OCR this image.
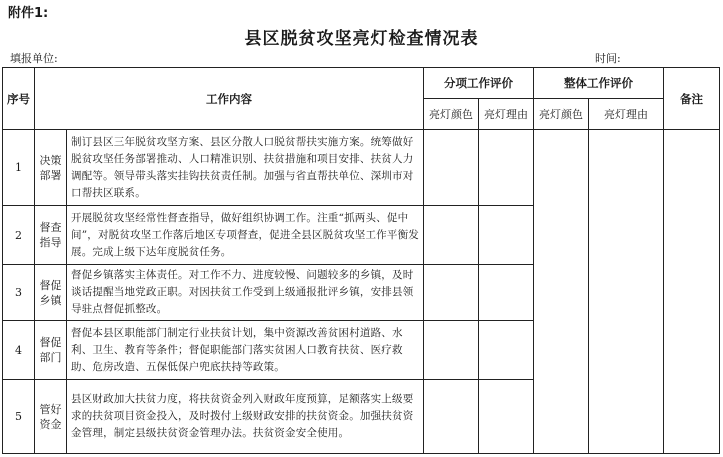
附件1:
县区脱贫攻坚亮灯检查情况表
填报单位:	时间:
序号	工作内容		分项工作评价		整体工作评价		备注
			亮灯颜色	亮灯理由	亮灯颜色	亮灯理由	
1	决策部署	制订县区三年脱贫攻坚方案、县区分散人口脱贫帮扶实施方案。统筹做好脱贫攻坚任务部署推动、人口精准识别、扶贫措施和项目安排、扶贫人力调配等。领导带头落实挂钩扶贫责任制。加强与省直帮扶单位、深圳市对口帮扶区联系。					
2	督查指导	开展脱贫攻坚经常性督查指导，做好组织协调工作。注重“抓两头、促中间”，对脱贫攻坚工作落后地区专项督查，促进全县区脱贫攻坚工作平衡发展。完成上级下达年度脱贫任务。					
3	督促乡镇	督促乡镇落实主体责任。对工作不力、进度较慢、问题较多的乡镇，及时谈话提醒当地党政正职。对因扶贫工作受到上级通报批评乡镇，安排县领导驻点督促抓整改。					
4	督促部门	督促本县区职能部门制定行业扶贫计划，集中资源改善贫困村道路、水利、卫生、教育等条件；督促职能部门落实贫困人口教育扶贫、医疗救助、危房改造、五保低保户兜底扶持等政策。					
5	管好资金	县区财政加大扶贫力度，将扶贫资金列入财政年度预算，足额落实上级要求的扶贫项目资金投入，及时拨付上级财政安排的扶贫资金。加强扶贫资金管理，制定县级扶贫资金管理办法。扶贫资金安全使用。					
